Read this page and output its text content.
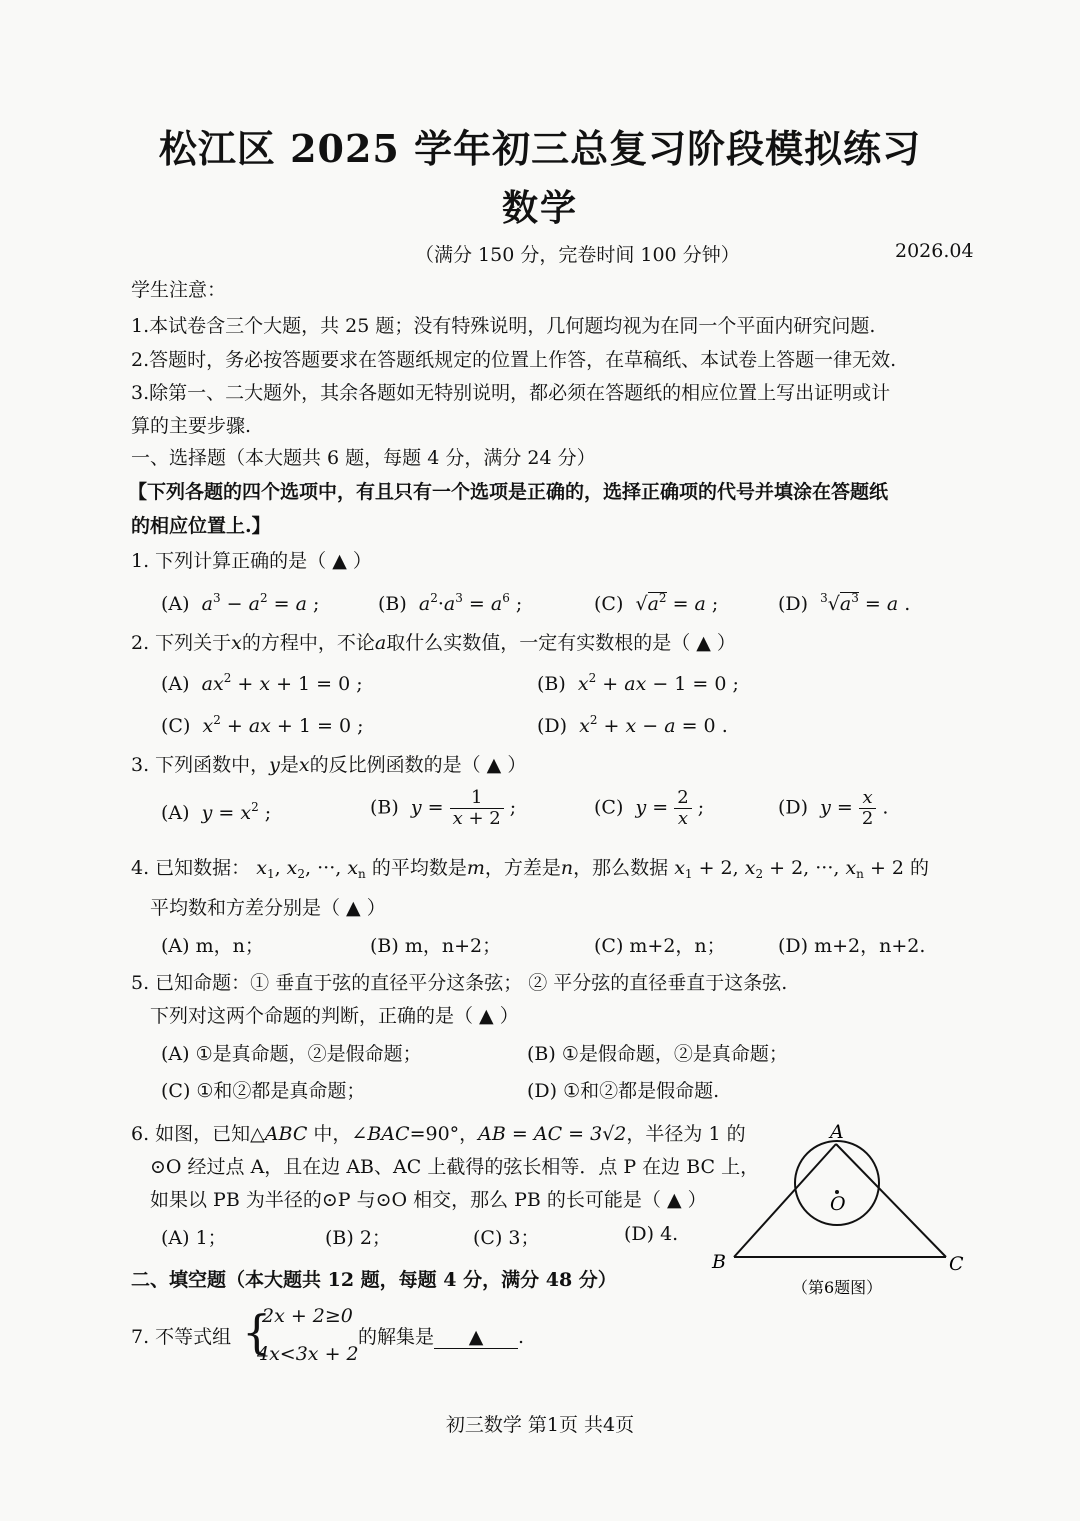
松江区 2025 学年初三总复习阶段模拟练习
数学
（满分 150 分，完卷时间 100 分钟）	2026.04
学生注意：
1.本试卷含三个大题，共 25 题；没有特殊说明，几何题均视为在同一个平面内研究问题.
2.答题时，务必按答题要求在答题纸规定的位置上作答，在草稿纸、本试卷上答题一律无效.
3.除第一、二大题外，其余各题如无特别说明，都必须在答题纸的相应位置上写出证明或计
算的主要步骤.
一、选择题（本大题共 6 题，每题 4 分，满分 24 分）
【下列各题的四个选项中，有且只有一个选项是正确的，选择正确项的代号并填涂在答题纸
的相应位置上.】
1. 下列计算正确的是（ ▲ ）
(A) $a^3 - a^2 = a$ ;	(B) $a^2\cdot a^3 = a^6$ ;	(C)  $√a^2 = a$ ;	(D) $^3√a^3 = a$ .
2. 下列关于x的方程中，不论a取什么实数值，一定有实数根的是（ ▲ ）
(A) $ax^2 + x + 1 = 0$ ;	(B) $x^2$ + ax − 1 = 0 ;
(C) $x^2$ + ax + 1 = 0 ;	(D) $x^2 + x - a = 0$ .
3. 下列函数中，y是x的反比例函数的是（ ▲ ）
(A) $y = x^2$ ;	(B) $y = \frac{1}{x + 2}$ ;	(C) $y = \frac{2}{x}$ ;	(D) $y = \frac{x}{2}$ .
4. 已知数据： $x_1$, $x_2$, ···, $x_n$ 的平均数是m，方差是n，那么数据 $x_1 + 2$, $x_2 + 2$, ···, $x_n + 2$ 的
平均数和方差分别是（ ▲ ）
(A) m，n；	(B) m，n+2；	(C) m+2，n；	(D) m+2，n+2.
5. 已知命题：① 垂直于弦的直径平分这条弦； ② 平分弦的直径垂直于这条弦.
下列对这两个命题的判断，正确的是（ ▲ ）
(A) ①是真命题，②是假命题；	(B) ①是假命题，②是真命题；
(C) ①和②都是真命题；	(D) ①和②都是假命题.
6. 如图，已知△ABC 中，∠BAC=90°，AB = AC = 3√2，半径为 1 的
⊙O 经过点 A，且在边 AB、AC 上截得的弦长相等．点 P 在边 BC 上，
如果以 PB 为半径的⊙P 与⊙O 相交，那么 PB 的长可能是（ ▲ ）
(A) 1；	(B) 2；	(C) 3；	(D) 4.
A
B	C
O
（第6题图）
二、填空题（本大题共 12 题，每题 4 分，满分 48 分）
7. 不等式组 {
2x + 2≥0
4x<3x + 2
的解集是 ▲ .
初三数学 第1页 共4页
